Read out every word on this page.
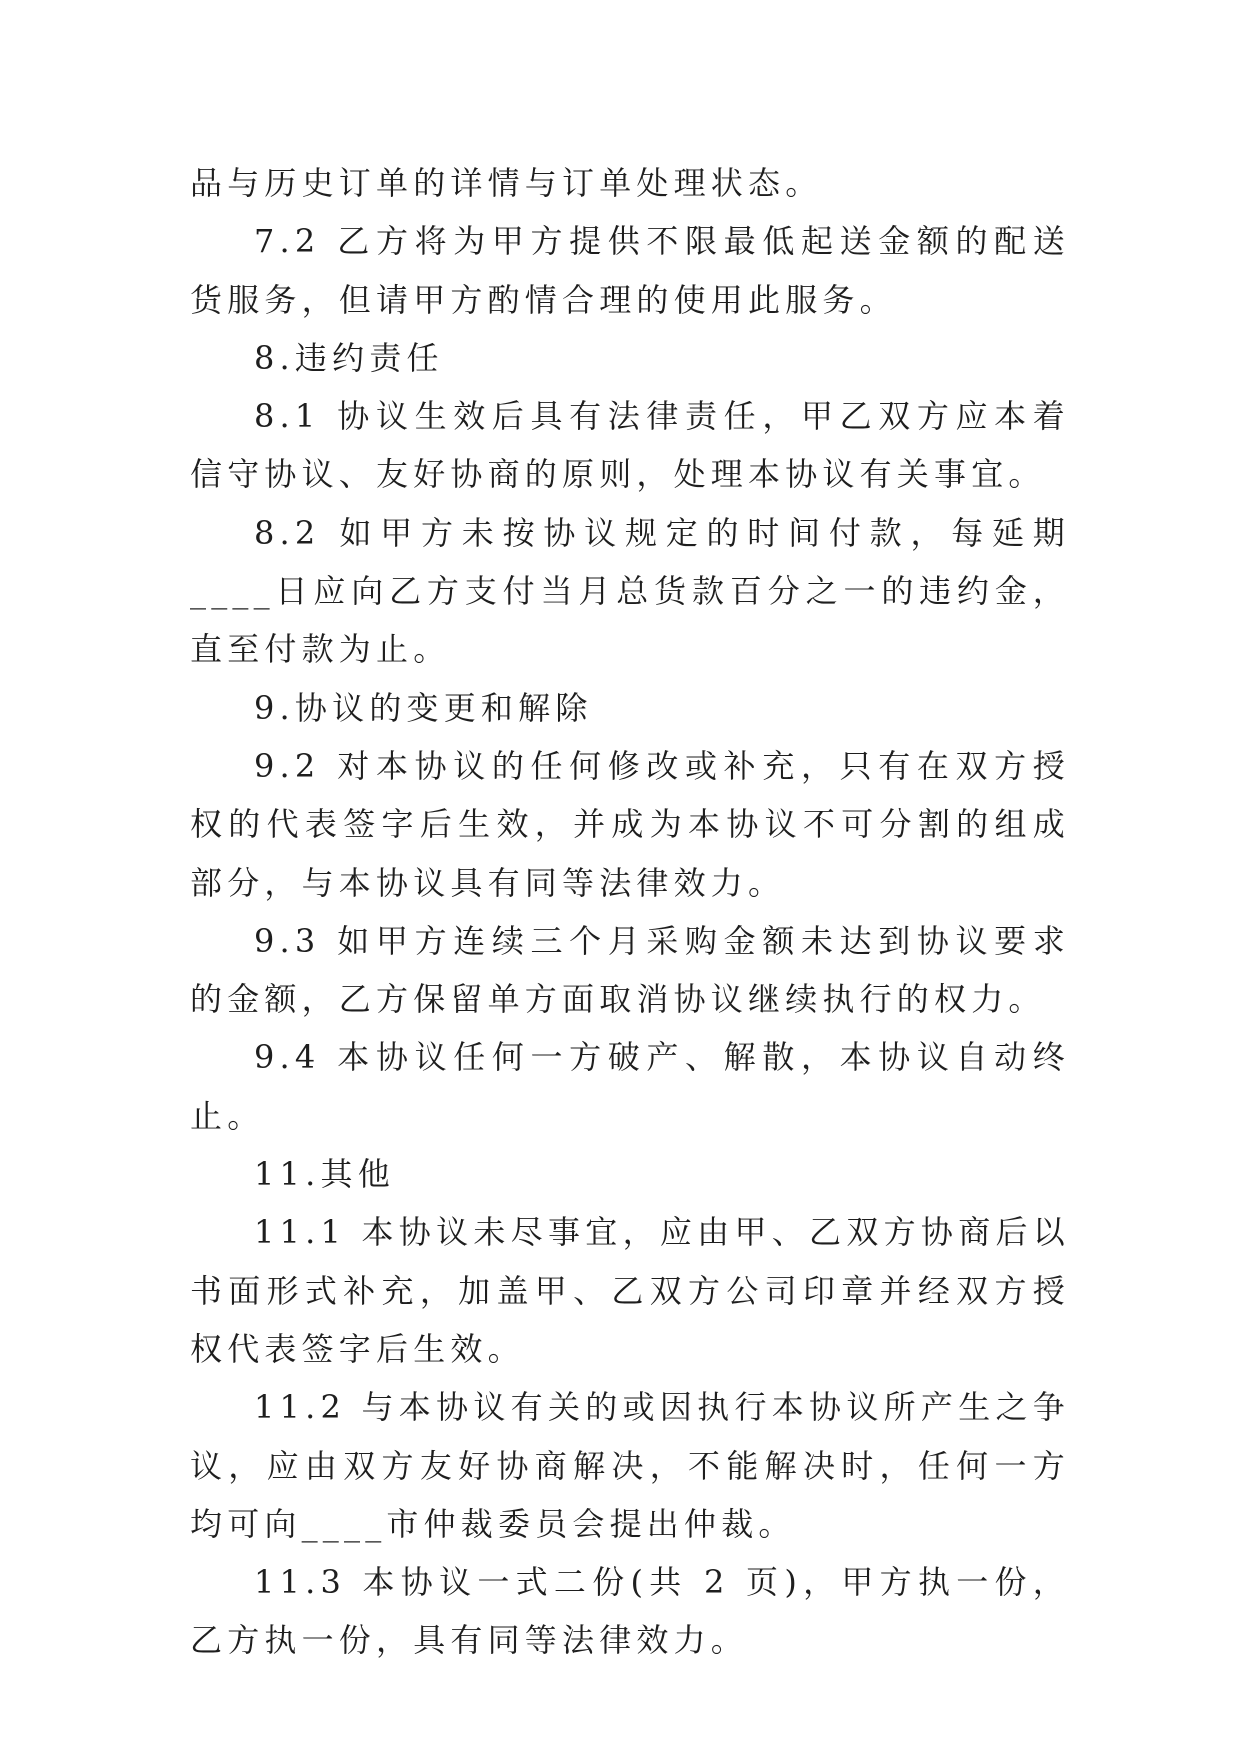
品与历史订单的详情与订单处理状态。

7.2 乙方将为甲方提供不限最低起送金额的配送货服务，但请甲方酌情合理的使用此服务。

8.违约责任

8.1 协议生效后具有法律责任，甲乙双方应本着信守协议、友好协商的原则，处理本协议有关事宜。

8.2 如甲方未按协议规定的时间付款，每延期____日应向乙方支付当月总货款百分之一的违约金，直至付款为止。

9.协议的变更和解除

9.2 对本协议的任何修改或补充，只有在双方授权的代表签字后生效，并成为本协议不可分割的组成部分，与本协议具有同等法律效力。

9.3 如甲方连续三个月采购金额未达到协议要求的金额，乙方保留单方面取消协议继续执行的权力。

9.4 本协议任何一方破产、解散，本协议自动终止。

11.其他

11.1 本协议未尽事宜，应由甲、乙双方协商后以书面形式补充，加盖甲、乙双方公司印章并经双方授权代表签字后生效。

11.2 与本协议有关的或因执行本协议所产生之争议，应由双方友好协商解决，不能解决时，任何一方均可向____市仲裁委员会提出仲裁。

11.3 本协议一式二份(共 2 页)，甲方执一份，乙方执一份，具有同等法律效力。
